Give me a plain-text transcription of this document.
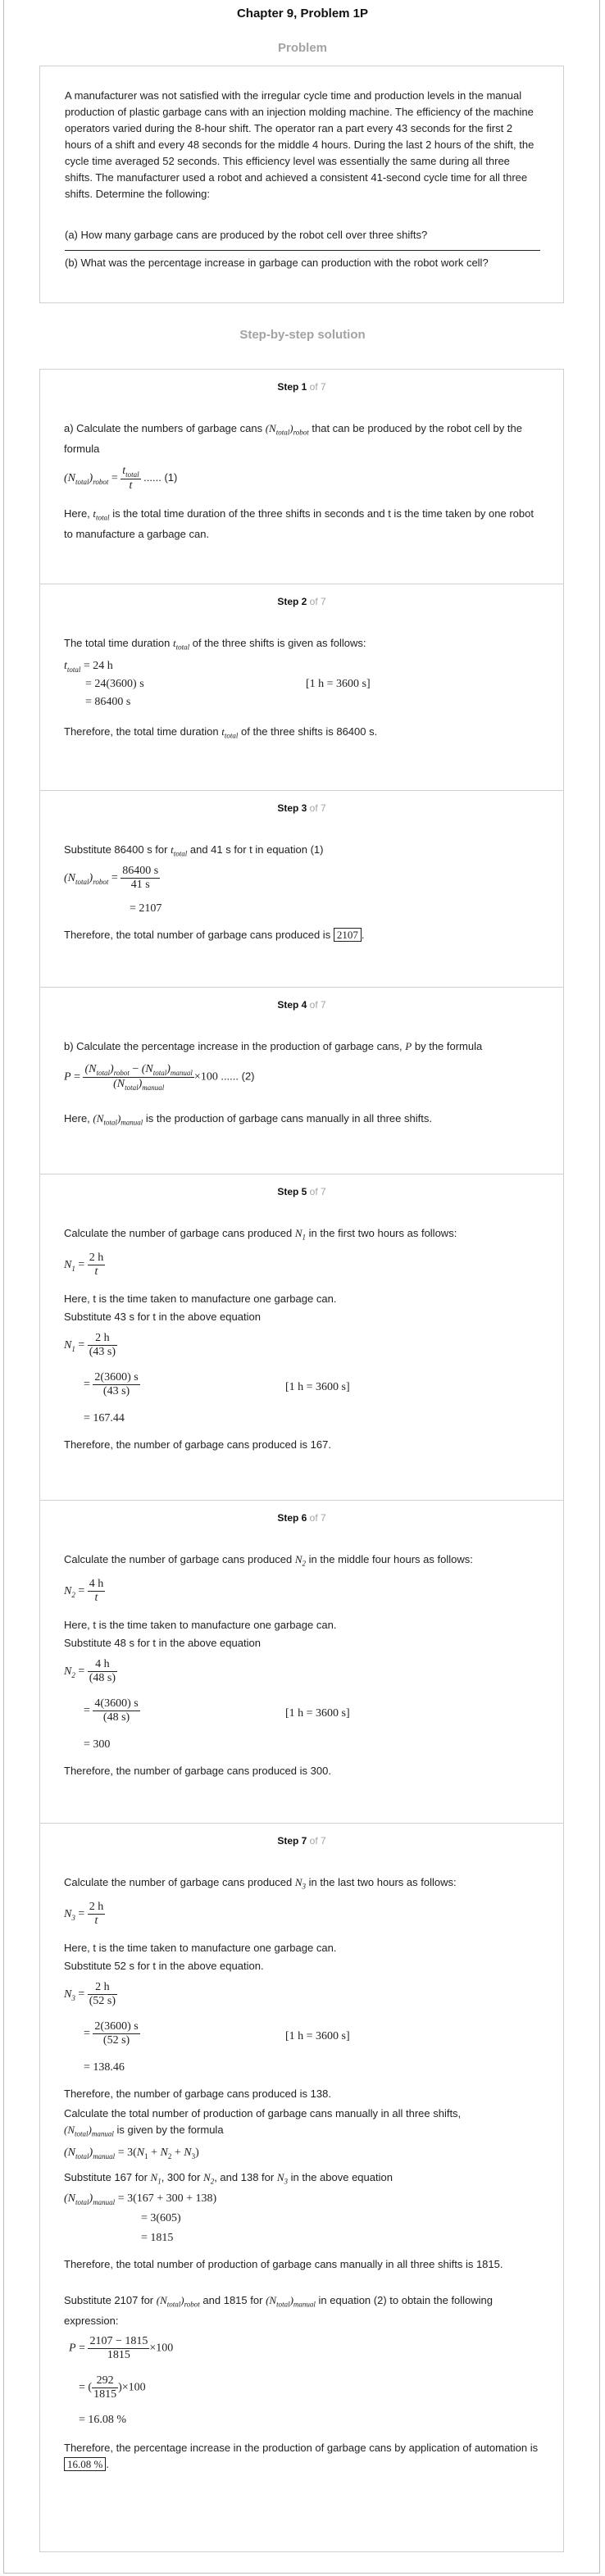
Chapter 9, Problem 1P
Problem
A manufacturer was not satisfied with the irregular cycle time and production levels in the manual production of plastic garbage cans with an injection molding machine. The efficiency of the machine operators varied during the 8-hour shift. The operator ran a part every 43 seconds for the first 2 hours of a shift and every 48 seconds for the middle 4 hours. During the last 2 hours of the shift, the cycle time averaged 52 seconds. This efficiency level was essentially the same during all three shifts. The manufacturer used a robot and achieved a consistent 41-second cycle time for all three shifts. Determine the following:
(a) How many garbage cans are produced by the robot cell over three shifts?
(b) What was the percentage increase in garbage can production with the robot work cell?
Step-by-step solution
Step 1 of 7
a) Calculate the numbers of garbage cans $(N_{total})_{robot}$ that can be produced by the robot cell by the formula
$(N_{total})_{robot} = \frac{t_{total}}{t}$ ...... (1)
Here, $t_{total}$ is the total time duration of the three shifts in seconds and t is the time taken by one robot to manufacture a garbage can.
Step 2 of 7
The total time duration $t_{total}$ of the three shifts is given as follows:
$t_{total} = 24$ h
= 24(3600) s	[1 h = 3600 s]
= 86400 s
Therefore, the total time duration $t_{total}$ of the three shifts is 86400 s.
Step 3 of 7
Substitute 86400 s for $t_{total}$ and 41 s for t in equation (1)
$(N_{total})_{robot} = \frac{86400 s}{41 s}$
= 2107
Therefore, the total number of garbage cans produced is 2107 .
Step 4 of 7
b) Calculate the percentage increase in the production of garbage cans, P by the formula
$P = \frac{(N_{total})_{robot} - (N_{total})_{manual}}{(N_{total})_{manual}} \times 100$ ...... (2)
Here, $(N_{total})_{manual}$ is the production of garbage cans manually in all three shifts.
Step 5 of 7
Calculate the number of garbage cans produced $N_1$ in the first two hours as follows:
$N_1 = \frac{2 h}{t}$
Here, t is the time taken to manufacture one garbage can.
Substitute 43 s for t in the above equation
$N_1 = \frac{2 h}{(43 s)}$
= $\frac{2(3600) s}{(43 s)}$	[1 h = 3600 s]
= 167.44
Therefore, the number of garbage cans produced is 167.
Step 6 of 7
Calculate the number of garbage cans produced $N_2$ in the middle four hours as follows:
$N_2 = \frac{4 h}{t}$
Here, t is the time taken to manufacture one garbage can.
Substitute 48 s for t in the above equation
$N_2 = \frac{4 h}{(48 s)}$
= $\frac{4(3600) s}{(48 s)}$	[1 h = 3600 s]
= 300
Therefore, the number of garbage cans produced is 300.
Step 7 of 7
Calculate the number of garbage cans produced $N_3$ in the last two hours as follows:
$N_3 = \frac{2 h}{t}$
Here, t is the time taken to manufacture one garbage can.
Substitute 52 s for t in the above equation.
$N_3 = \frac{2 h}{(52 s)}$
= $\frac{2(3600) s}{(52 s)}$	[1 h = 3600 s]
= 138.46
Therefore, the number of garbage cans produced is 138.
Calculate the total number of production of garbage cans manually in all three shifts,
$(N_{total})_{manual}$ is given by the formula
$(N_{total})_{manual} = 3(N_1 + N_2 + N_3)$
Substitute 167 for $N_1$, 300 for $N_2$, and 138 for $N_3$ in the above equation
$(N_{total})_{manual} = 3(167 + 300 + 138)$
= 3(605)
= 1815
Therefore, the total number of production of garbage cans manually in all three shifts is 1815.
Substitute 2107 for $(N_{total})_{robot}$ and 1815 for $(N_{total})_{manual}$ in equation (2) to obtain the following expression:
$P = \frac{2107 - 1815}{1815} \times 100$
= ( $\frac{292}{1815} )\times 100$
= 16.08 %
Therefore, the percentage increase in the production of garbage cans by application of automation is 16.08 % .
